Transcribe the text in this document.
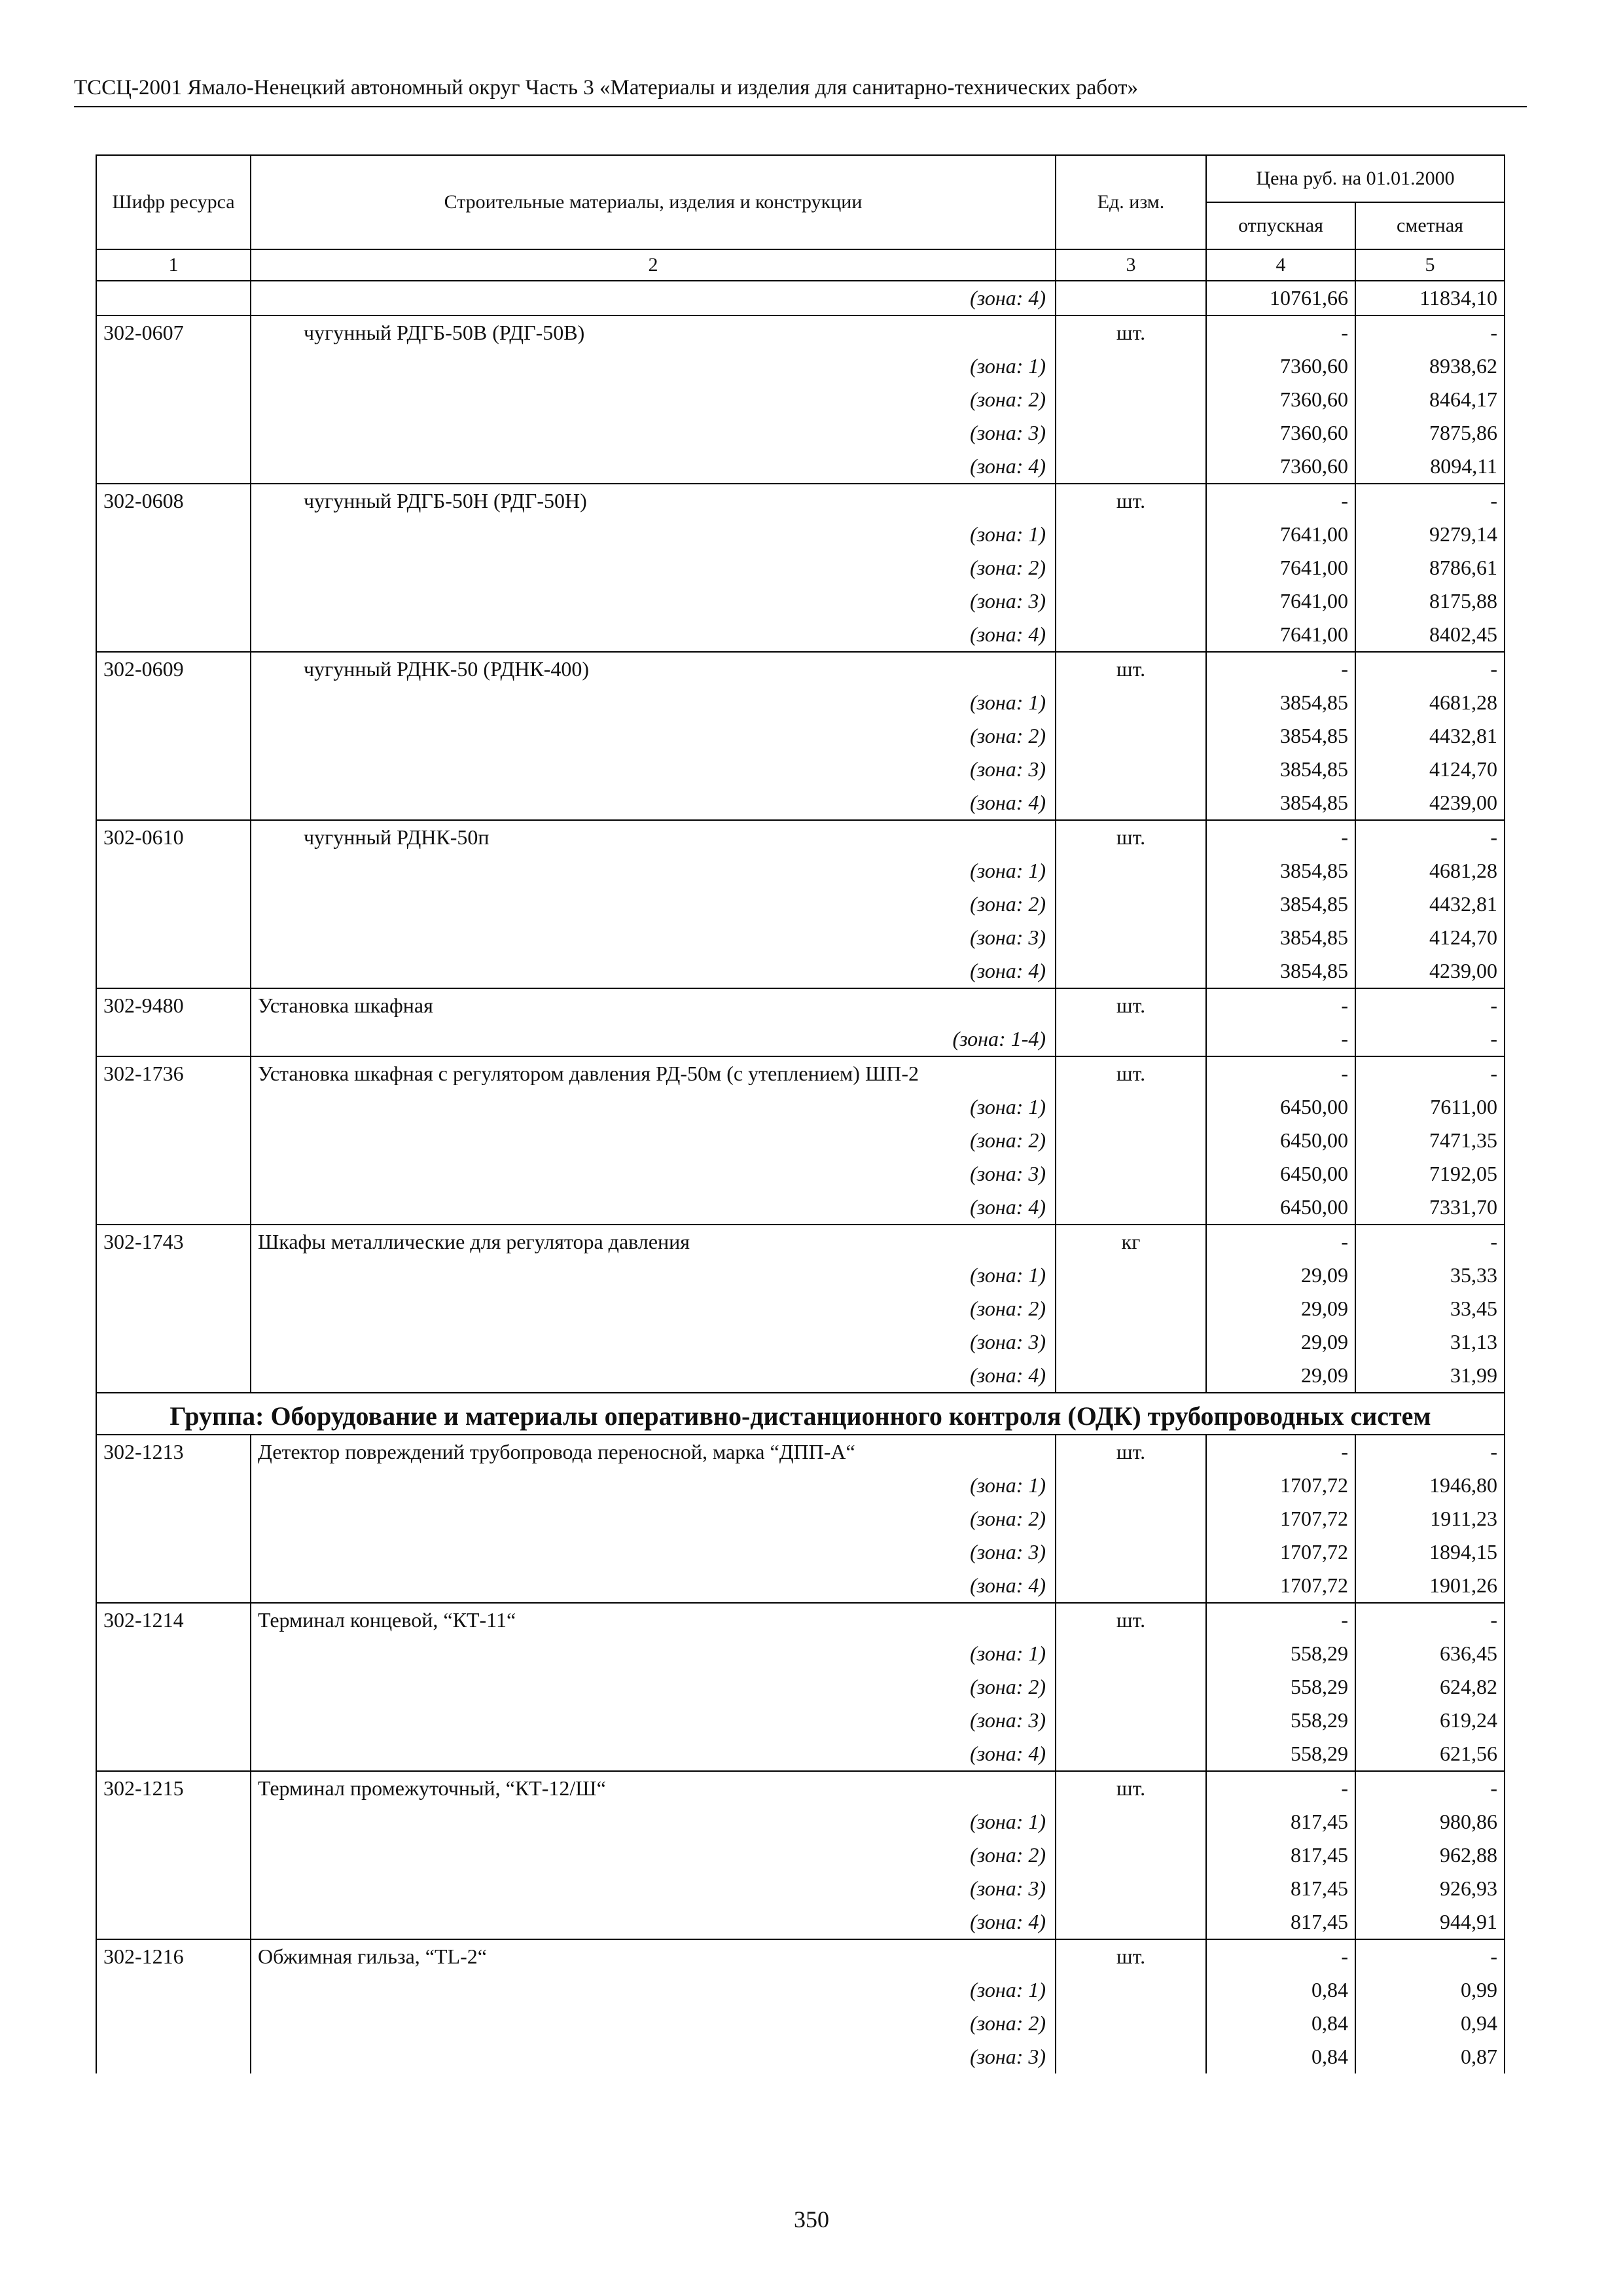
ТССЦ-2001 Ямало-Ненецкий автономный округ Часть 3 «Материалы и изделия для санитарно-технических работ»
Шифр ресурса	Строительные материалы, изделия и конструкции	Ед. изм.	Цена руб. на 01.01.2000	
			отпускная	сметная
1	2	3	4	5
	(зона: 4)		10761,66	11834,10
302-0607	чугунный РДГБ-50В (РДГ-50В)	шт.	-	-
	(зона: 1)		7360,60	8938,62
	(зона: 2)		7360,60	8464,17
	(зона: 3)		7360,60	7875,86
	(зона: 4)		7360,60	8094,11
302-0608	чугунный РДГБ-50Н (РДГ-50Н)	шт.	-	-
	(зона: 1)		7641,00	9279,14
	(зона: 2)		7641,00	8786,61
	(зона: 3)		7641,00	8175,88
	(зона: 4)		7641,00	8402,45
302-0609	чугунный РДНК-50 (РДНК-400)	шт.	-	-
	(зона: 1)		3854,85	4681,28
	(зона: 2)		3854,85	4432,81
	(зона: 3)		3854,85	4124,70
	(зона: 4)		3854,85	4239,00
302-0610	чугунный РДНК-50п	шт.	-	-
	(зона: 1)		3854,85	4681,28
	(зона: 2)		3854,85	4432,81
	(зона: 3)		3854,85	4124,70
	(зона: 4)		3854,85	4239,00
302-9480	Установка шкафная	шт.	-	-
	(зона: 1-4)		-	-
302-1736	Установка шкафная с регулятором давления РД-50м (с утеплением) ШП-2	шт.	-	-
	(зона: 1)		6450,00	7611,00
	(зона: 2)		6450,00	7471,35
	(зона: 3)		6450,00	7192,05
	(зона: 4)		6450,00	7331,70
302-1743	Шкафы металлические для регулятора давления	кг	-	-
	(зона: 1)		29,09	35,33
	(зона: 2)		29,09	33,45
	(зона: 3)		29,09	31,13
	(зона: 4)		29,09	31,99
Группа: Оборудование и материалы оперативно-дистанционного контроля (ОДК) трубопроводных систем				
302-1213	Детектор повреждений трубопровода переносной, марка “ДПП-А“	шт.	-	-
	(зона: 1)		1707,72	1946,80
	(зона: 2)		1707,72	1911,23
	(зона: 3)		1707,72	1894,15
	(зона: 4)		1707,72	1901,26
302-1214	Терминал концевой, “КТ-11“	шт.	-	-
	(зона: 1)		558,29	636,45
	(зона: 2)		558,29	624,82
	(зона: 3)		558,29	619,24
	(зона: 4)		558,29	621,56
302-1215	Терминал промежуточный, “КТ-12/Ш“	шт.	-	-
	(зона: 1)		817,45	980,86
	(зона: 2)		817,45	962,88
	(зона: 3)		817,45	926,93
	(зона: 4)		817,45	944,91
302-1216	Обжимная гильза, “TL-2“	шт.	-	-
	(зона: 1)		0,84	0,99
	(зона: 2)		0,84	0,94
	(зона: 3)		0,84	0,87
350
